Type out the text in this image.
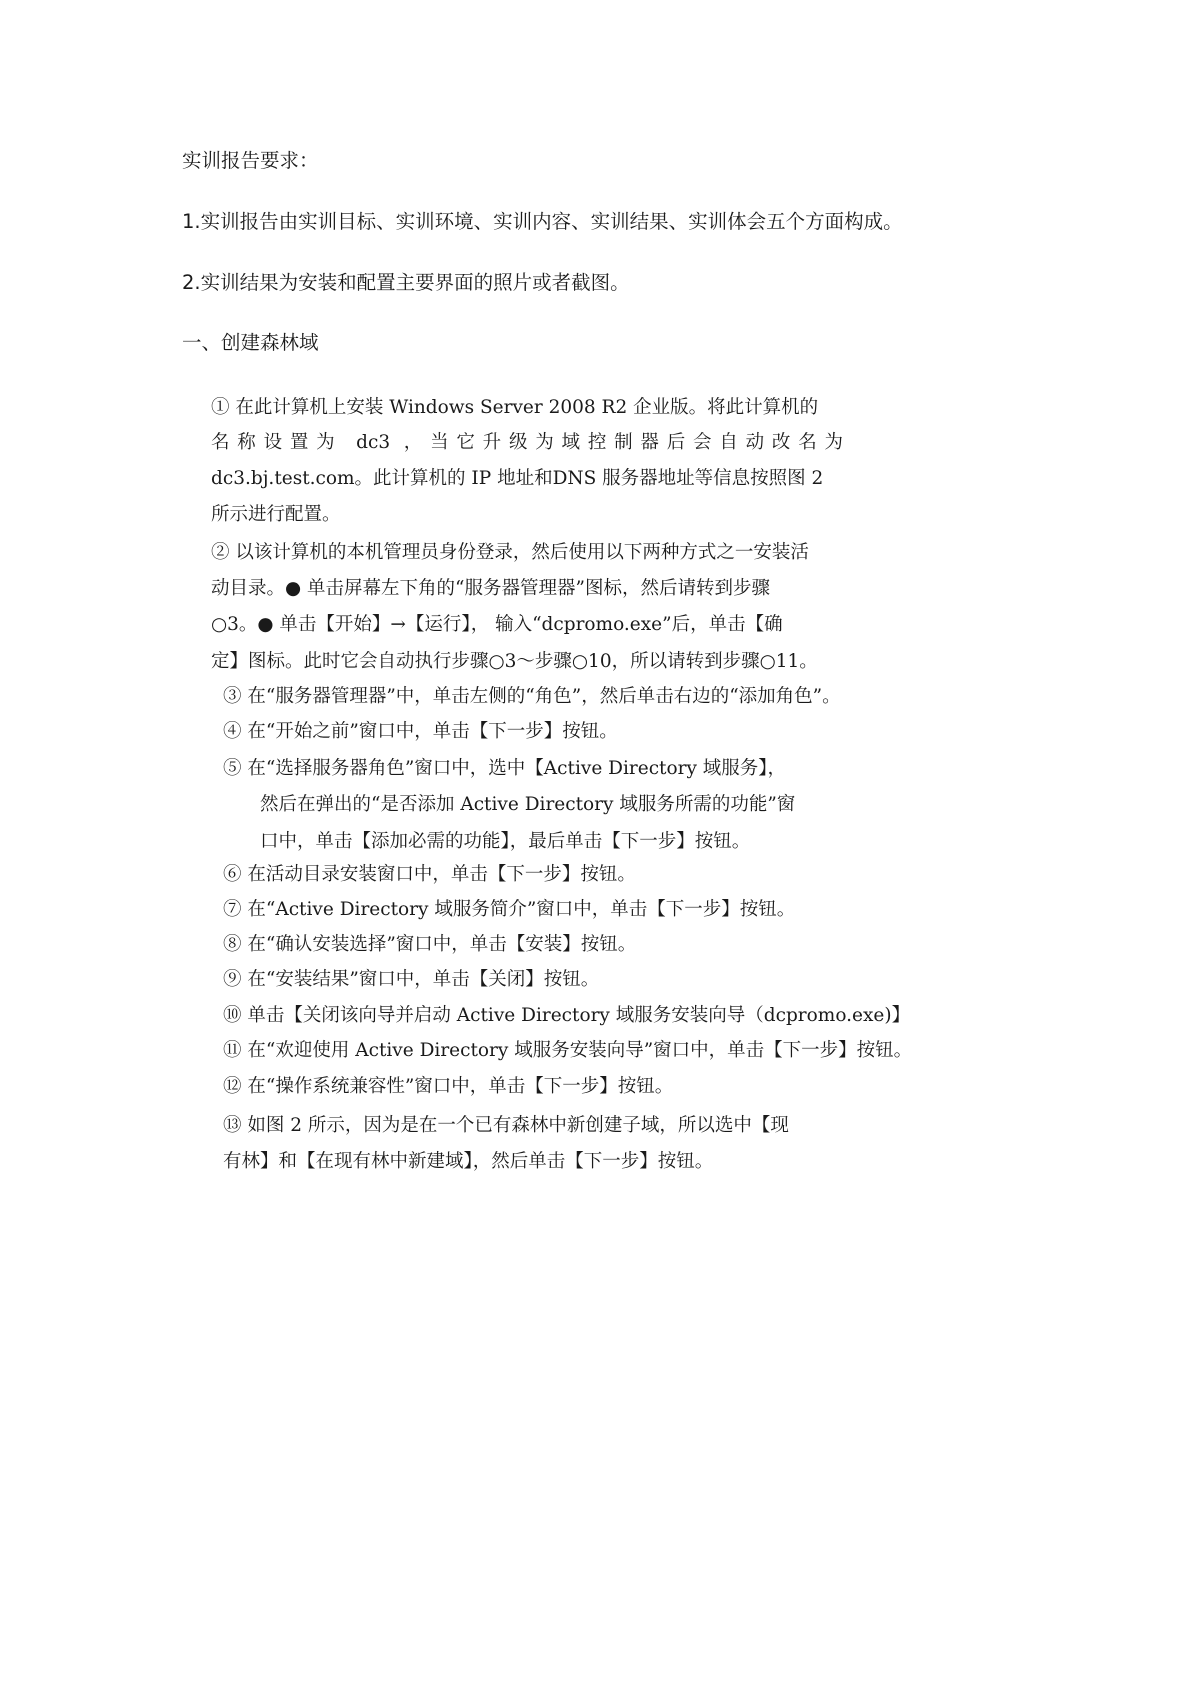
实训报告要求：
1.实训报告由实训目标、实训环境、实训内容、实训结果、实训体会五个方面构成。
2.实训结果为安装和配置主要界面的照片或者截图。
一、创建森林域
① 在此计算机上安装 Windows Server 2008 R2 企业版。将此计算机的
名称设置为 dc3 ，当它升级为域控制器后会自动改名为
dc3.bj.test.com。此计算机的 IP 地址和DNS 服务器地址等信息按照图 2
所示进行配置。
② 以该计算机的本机管理员身份登录，然后使用以下两种方式之一安装活
动目录。● 单击屏幕左下角的“服务器管理器”图标，然后请转到步骤
○3。● 单击【开始】→【运行】， 输入“dcpromo.exe”后，单击【确
定】图标。此时它会自动执行步骤○3～步骤○10，所以请转到步骤○11。
③ 在“服务器管理器”中，单击左侧的“角色”，然后单击右边的“添加角色”。
④ 在“开始之前”窗口中，单击【下一步】按钮。
⑤ 在“选择服务器角色”窗口中，选中【Active Directory 域服务】，
然后在弹出的“是否添加 Active Directory 域服务所需的功能”窗
口中，单击【添加必需的功能】，最后单击【下一步】按钮。
⑥ 在活动目录安装窗口中，单击【下一步】按钮。
⑦ 在“Active Directory 域服务简介”窗口中，单击【下一步】按钮。
⑧ 在“确认安装选择”窗口中，单击【安装】按钮。
⑨ 在“安装结果”窗口中，单击【关闭】按钮。
⑩ 单击【关闭该向导并启动 Active Directory 域服务安装向导（dcpromo.exe)】
⑪ 在“欢迎使用 Active Directory 域服务安装向导”窗口中，单击【下一步】按钮。
⑫ 在“操作系统兼容性”窗口中，单击【下一步】按钮。
⑬ 如图 2 所示，因为是在一个已有森林中新创建子域，所以选中【现
有林】和【在现有林中新建域】，然后单击【下一步】按钮。
